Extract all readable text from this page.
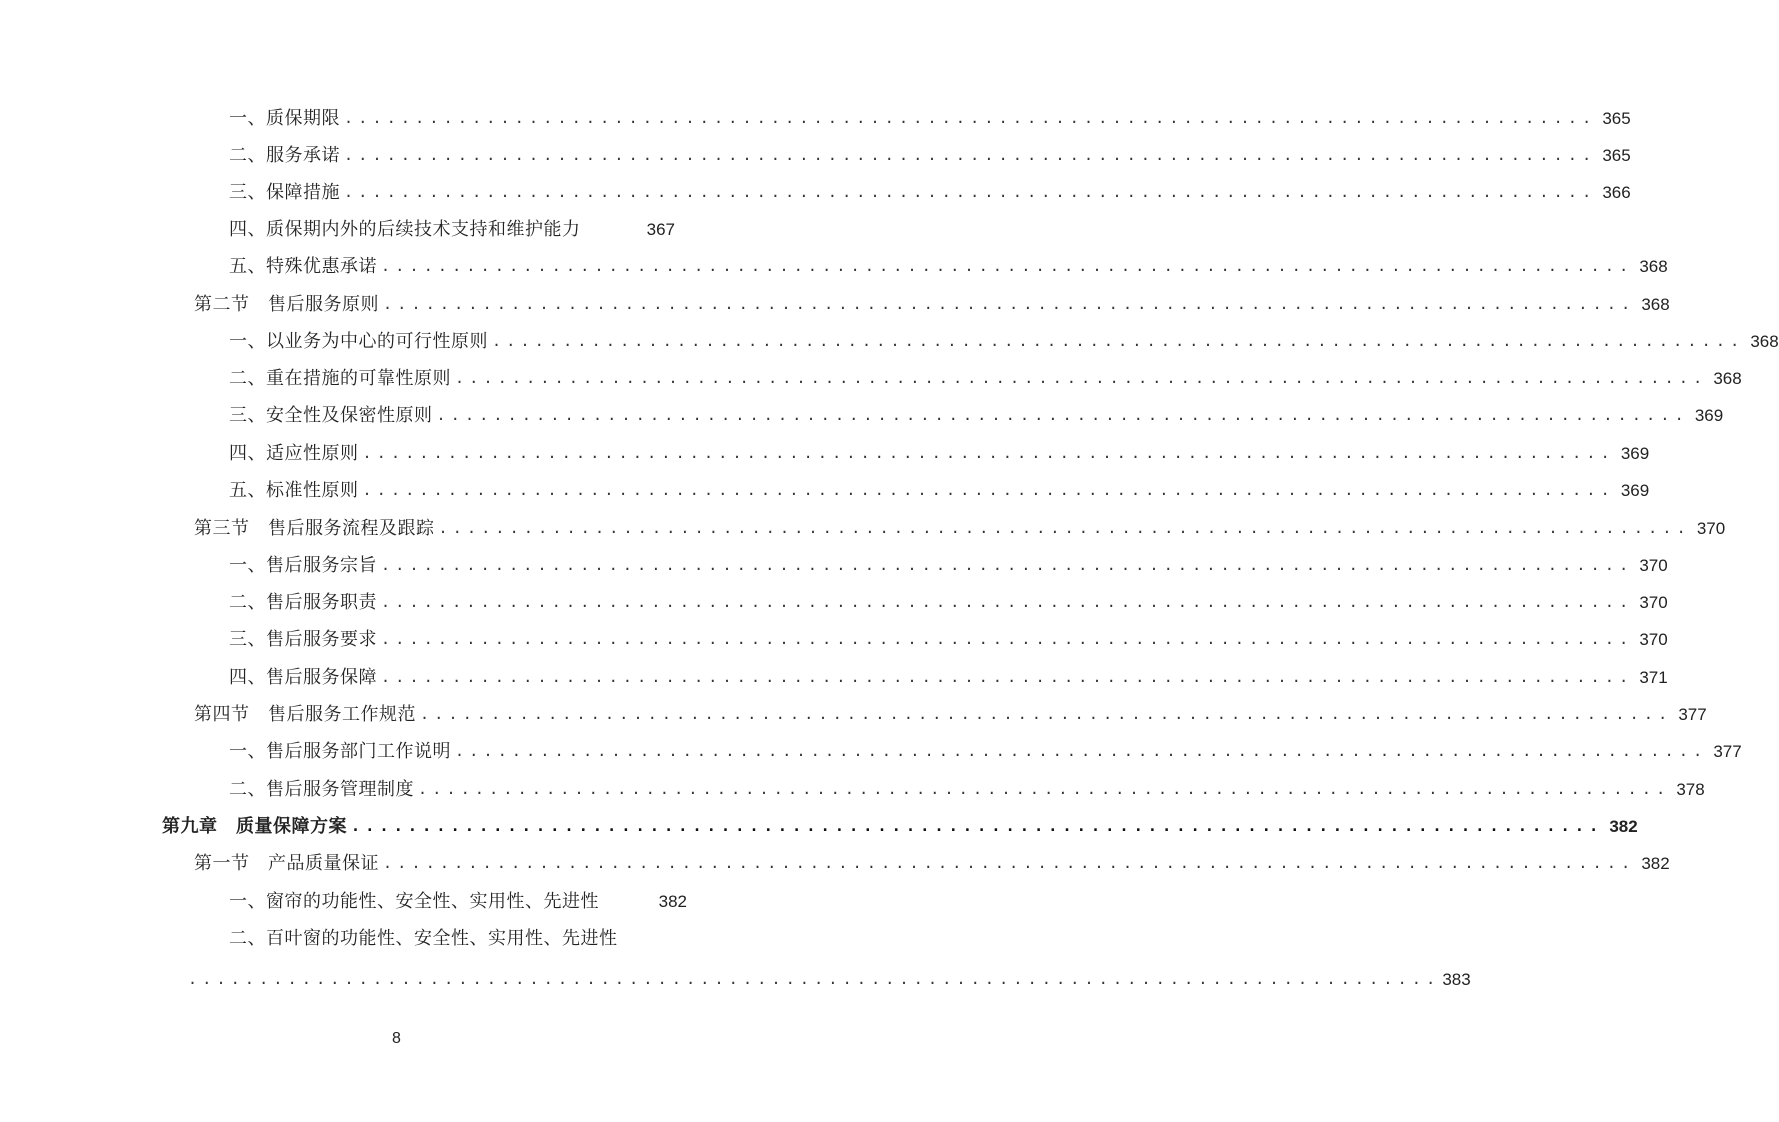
一、质保期限 ........................................................................................ 365
二、服务承诺 ........................................................................................ 365
三、保障措施 ........................................................................................ 366
四、质保期内外的后续技术支持和维护能力	367
五、特殊优惠承诺 ........................................................................................ 368
第二节　售后服务原则 ........................................................................................ 368
一、以业务为中心的可行性原则 ........................................................................................ 368
二、重在措施的可靠性原则 ........................................................................................ 368
三、安全性及保密性原则 ........................................................................................ 369
四、适应性原则 ........................................................................................ 369
五、标准性原则 ........................................................................................ 369
第三节　售后服务流程及跟踪 ........................................................................................ 370
一、售后服务宗旨 ........................................................................................ 370
二、售后服务职责 ........................................................................................ 370
三、售后服务要求 ........................................................................................ 370
四、售后服务保障 ........................................................................................ 371
第四节　售后服务工作规范 ........................................................................................ 377
一、售后服务部门工作说明 ........................................................................................ 377
二、售后服务管理制度 ........................................................................................ 378
第九章　质量保障方案 ........................................................................................ 382
第一节　产品质量保证 ........................................................................................ 382
一、窗帘的功能性、安全性、实用性、先进性	382
二、百叶窗的功能性、安全性、实用性、先进性
........................................................................................ 383
8
